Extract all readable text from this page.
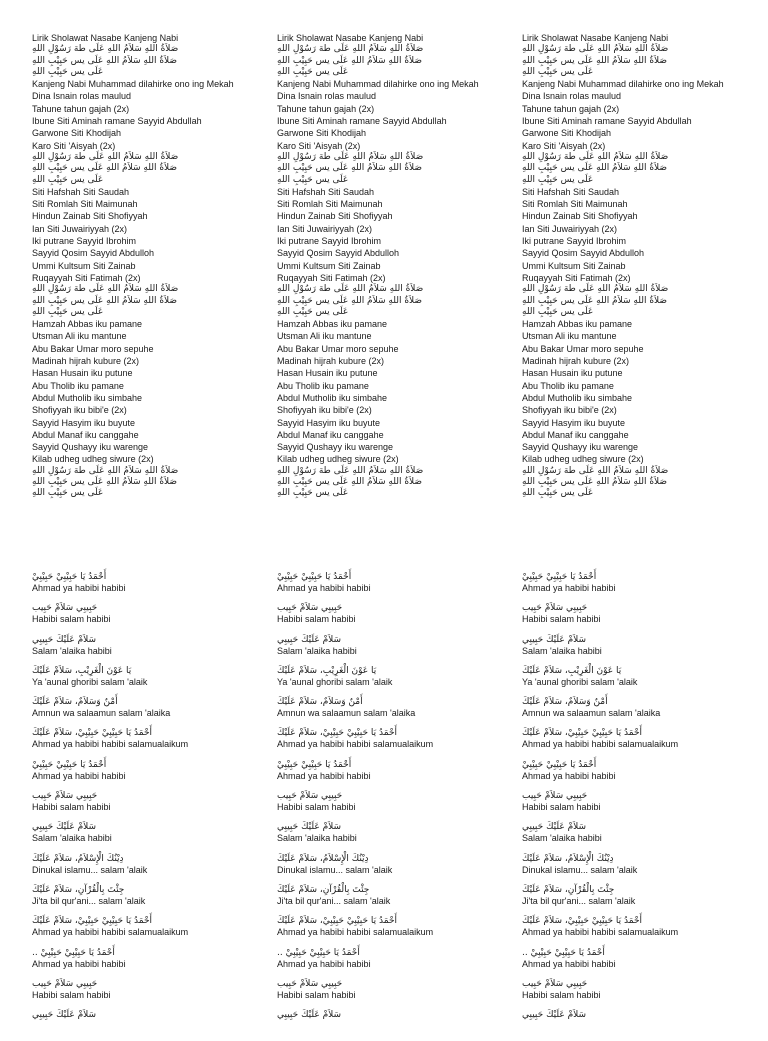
Lirik Sholawat Nasabe Kanjeng Nabi
صَلاَةُ اللهِ سَلاَمُ اللهِ عَلَى طهَ رَسُوْلِ اللهِ
صَلاَةُ اللهِ سَلاَمُ اللهِ عَلَى يس حَبِيْبِ اللهِ
عَلَى يس حَبِيْبِ اللهِ
Kanjeng Nabi Muhammad dilahirke ono ing Mekah
Dina Isnain rolas maulud
Tahune tahun gajah (2x)
Ibune Siti Aminah ramane Sayyid Abdullah
Garwone Siti Khodijah
Karo Siti 'Aisyah (2x)
صَلاَةُ اللهِ سَلاَمُ اللهِ عَلَى طهَ رَسُوْلِ اللهِ
صَلاَةُ اللهِ سَلاَمُ اللهِ عَلَى يس حَبِيْبِ اللهِ
عَلَى يس حَبِيْبِ اللهِ
Siti Hafshah Siti Saudah
Siti Romlah Siti Maimunah
Hindun Zainab Siti Shofiyyah
Ian Siti Juwairiyyah (2x)
Iki putrane Sayyid Ibrohim
Sayyid Qosim Sayyid Abdulloh
Ummi Kultsum Siti Zainab
Ruqayyah Siti Fatimah (2x)
صَلاَةُ اللهِ سَلاَمُ اللهِ عَلَى طهَ رَسُوْلِ اللهِ
صَلاَةُ اللهِ سَلاَمُ اللهِ عَلَى يس حَبِيْبِ اللهِ
عَلَى يس حَبِيْبِ اللهِ
Hamzah Abbas iku pamane
Utsman Ali iku mantune
Abu Bakar Umar moro sepuhe
Madinah hijrah kubure (2x)
Hasan Husain iku putune
Abu Tholib iku pamane
Abdul Mutholib iku simbahe
Shofiyyah iku bibi'e (2x)
Sayyid Hasyim iku buyute
Abdul Manaf iku canggahe
Sayyid Qushayy iku warenge
Kilab udheg udheg siwure (2x)
صَلاَةُ اللهِ سَلاَمُ اللهِ عَلَى طهَ رَسُوْلِ اللهِ
صَلاَةُ اللهِ سَلاَمُ اللهِ عَلَى يس حَبِيْبِ اللهِ
عَلَى يس حَبِيْبِ اللهِ
Lirik Sholawat Nasabe Kanjeng Nabi
صَلاَةُ اللهِ سَلاَمُ اللهِ عَلَى طهَ رَسُوْلِ اللهِ
صَلاَةُ اللهِ سَلاَمُ اللهِ عَلَى يس حَبِيْبِ اللهِ
عَلَى يس حَبِيْبِ اللهِ
Kanjeng Nabi Muhammad dilahirke ono ing Mekah
Dina Isnain rolas maulud
Tahune tahun gajah (2x)
Ibune Siti Aminah ramane Sayyid Abdullah
Garwone Siti Khodijah
Karo Siti 'Aisyah (2x)
صَلاَةُ اللهِ سَلاَمُ اللهِ عَلَى طهَ رَسُوْلِ اللهِ
صَلاَةُ اللهِ سَلاَمُ اللهِ عَلَى يس حَبِيْبِ اللهِ
عَلَى يس حَبِيْبِ اللهِ
Siti Hafshah Siti Saudah
Siti Romlah Siti Maimunah
Hindun Zainab Siti Shofiyyah
Ian Siti Juwairiyyah (2x)
Iki putrane Sayyid Ibrohim
Sayyid Qosim Sayyid Abdulloh
Ummi Kultsum Siti Zainab
Ruqayyah Siti Fatimah (2x)
صَلاَةُ اللهِ سَلاَمُ اللهِ عَلَى طهَ رَسُوْلِ اللهِ
صَلاَةُ اللهِ سَلاَمُ اللهِ عَلَى يس حَبِيْبِ اللهِ
عَلَى يس حَبِيْبِ اللهِ
Hamzah Abbas iku pamane
Utsman Ali iku mantune
Abu Bakar Umar moro sepuhe
Madinah hijrah kubure (2x)
Hasan Husain iku putune
Abu Tholib iku pamane
Abdul Mutholib iku simbahe
Shofiyyah iku bibi'e (2x)
Sayyid Hasyim iku buyute
Abdul Manaf iku canggahe
Sayyid Qushayy iku warenge
Kilab udheg udheg siwure (2x)
صَلاَةُ اللهِ سَلاَمُ اللهِ عَلَى طهَ رَسُوْلِ اللهِ
صَلاَةُ اللهِ سَلاَمُ اللهِ عَلَى يس حَبِيْبِ اللهِ
عَلَى يس حَبِيْبِ اللهِ
Lirik Sholawat Nasabe Kanjeng Nabi
صَلاَةُ اللهِ سَلاَمُ اللهِ عَلَى طهَ رَسُوْلِ اللهِ
صَلاَةُ اللهِ سَلاَمُ اللهِ عَلَى يس حَبِيْبِ اللهِ
عَلَى يس حَبِيْبِ اللهِ
Kanjeng Nabi Muhammad dilahirke ono ing Mekah
Dina Isnain rolas maulud
Tahune tahun gajah (2x)
Ibune Siti Aminah ramane Sayyid Abdullah
Garwone Siti Khodijah
Karo Siti 'Aisyah (2x)
صَلاَةُ اللهِ سَلاَمُ اللهِ عَلَى طهَ رَسُوْلِ اللهِ
صَلاَةُ اللهِ سَلاَمُ اللهِ عَلَى يس حَبِيْبِ اللهِ
عَلَى يس حَبِيْبِ اللهِ
Siti Hafshah Siti Saudah
Siti Romlah Siti Maimunah
Hindun Zainab Siti Shofiyyah
Ian Siti Juwairiyyah (2x)
Iki putrane Sayyid Ibrohim
Sayyid Qosim Sayyid Abdulloh
Ummi Kultsum Siti Zainab
Ruqayyah Siti Fatimah (2x)
صَلاَةُ اللهِ سَلاَمُ اللهِ عَلَى طهَ رَسُوْلِ اللهِ
صَلاَةُ اللهِ سَلاَمُ اللهِ عَلَى يس حَبِيْبِ اللهِ
عَلَى يس حَبِيْبِ اللهِ
Hamzah Abbas iku pamane
Utsman Ali iku mantune
Abu Bakar Umar moro sepuhe
Madinah hijrah kubure (2x)
Hasan Husain iku putune
Abu Tholib iku pamane
Abdul Mutholib iku simbahe
Shofiyyah iku bibi'e (2x)
Sayyid Hasyim iku buyute
Abdul Manaf iku canggahe
Sayyid Qushayy iku warenge
Kilab udheg udheg siwure (2x)
صَلاَةُ اللهِ سَلاَمُ اللهِ عَلَى طهَ رَسُوْلِ اللهِ
صَلاَةُ اللهِ سَلاَمُ اللهِ عَلَى يس حَبِيْبِ اللهِ
عَلَى يس حَبِيْبِ اللهِ
أَحْمَدُ يَا حَبِيْبِيْ حَبِيْبِيْ
Ahmad ya habibi habibi
حَبِيبِي سَلاَمْ حَبِيب
Habibi salam habibi
سَلاَمْ عَلَيْكَ حَبِيبِي
Salam 'alaika habibi
يَا عَوْنَ الْغَرِيْبِ، سَلاَمْ عَلَيْكَ
Ya 'aunal ghoribi salam 'alaik
أَمْنٌ وَسَلاَمٌ، سَلاَمْ عَلَيْكَ
Amnun wa salaamun salam 'alaika
أَحْمَدُ يَا حَبِيْبِيْ حَبِيْبِيْ، سَلاَمْ عَلَيْكَ
Ahmad ya habibi habibi salamualaikum
أَحْمَدُ يَا حَبِيْبِيْ حَبِيْبِيْ
Ahmad ya habibi habibi
حَبِيبِي سَلاَمْ حَبِيب
Habibi salam habibi
سَلاَمْ عَلَيْكَ حَبِيبِي
Salam 'alaika habibi
دِيْنُكَ الْإِسْلاَمُ، سَلاَمْ عَلَيْكَ
Dinukal islamu... salam 'alaik
جِئْتَ بِالْقُرْآنِ، سَلاَمْ عَلَيْكَ
Ji'ta bil qur'ani... salam 'alaik
أَحْمَدُ يَا حَبِيْبِيْ حَبِيْبِيْ، سَلاَمْ عَلَيْكَ
Ahmad ya habibi habibi salamualaikum
.. أَحْمَدُ يَا حَبِيْبِيْ حَبِيْبِيْ
Ahmad ya habibi habibi
حَبِيبِي سَلاَمْ حَبِيب
Habibi salam habibi
سَلاَمْ عَلَيْكَ حَبِيبِي
أَحْمَدُ يَا حَبِيْبِيْ حَبِيْبِيْ
Ahmad ya habibi habibi
حَبِيبِي سَلاَمْ حَبِيب
Habibi salam habibi
سَلاَمْ عَلَيْكَ حَبِيبِي
Salam 'alaika habibi
يَا عَوْنَ الْغَرِيْبِ، سَلاَمْ عَلَيْكَ
Ya 'aunal ghoribi salam 'alaik
أَمْنٌ وَسَلاَمٌ، سَلاَمْ عَلَيْكَ
Amnun wa salaamun salam 'alaika
أَحْمَدُ يَا حَبِيْبِيْ حَبِيْبِيْ، سَلاَمْ عَلَيْكَ
Ahmad ya habibi habibi salamualaikum
أَحْمَدُ يَا حَبِيْبِيْ حَبِيْبِيْ
Ahmad ya habibi habibi
حَبِيبِي سَلاَمْ حَبِيب
Habibi salam habibi
سَلاَمْ عَلَيْكَ حَبِيبِي
Salam 'alaika habibi
دِيْنُكَ الْإِسْلاَمُ، سَلاَمْ عَلَيْكَ
Dinukal islamu... salam 'alaik
جِئْتَ بِالْقُرْآنِ، سَلاَمْ عَلَيْكَ
Ji'ta bil qur'ani... salam 'alaik
أَحْمَدُ يَا حَبِيْبِيْ حَبِيْبِيْ، سَلاَمْ عَلَيْكَ
Ahmad ya habibi habibi salamualaikum
.. أَحْمَدُ يَا حَبِيْبِيْ حَبِيْبِيْ
Ahmad ya habibi habibi
حَبِيبِي سَلاَمْ حَبِيب
Habibi salam habibi
سَلاَمْ عَلَيْكَ حَبِيبِي
أَحْمَدُ يَا حَبِيْبِيْ حَبِيْبِيْ
Ahmad ya habibi habibi
حَبِيبِي سَلاَمْ حَبِيب
Habibi salam habibi
سَلاَمْ عَلَيْكَ حَبِيبِي
Salam 'alaika habibi
يَا عَوْنَ الْغَرِيْبِ، سَلاَمْ عَلَيْكَ
Ya 'aunal ghoribi salam 'alaik
أَمْنٌ وَسَلاَمٌ، سَلاَمْ عَلَيْكَ
Amnun wa salaamun salam 'alaika
أَحْمَدُ يَا حَبِيْبِيْ حَبِيْبِيْ، سَلاَمْ عَلَيْكَ
Ahmad ya habibi habibi salamualaikum
أَحْمَدُ يَا حَبِيْبِيْ حَبِيْبِيْ
Ahmad ya habibi habibi
حَبِيبِي سَلاَمْ حَبِيب
Habibi salam habibi
سَلاَمْ عَلَيْكَ حَبِيبِي
Salam 'alaika habibi
دِيْنُكَ الْإِسْلاَمُ، سَلاَمْ عَلَيْكَ
Dinukal islamu... salam 'alaik
جِئْتَ بِالْقُرْآنِ، سَلاَمْ عَلَيْكَ
Ji'ta bil qur'ani... salam 'alaik
أَحْمَدُ يَا حَبِيْبِيْ حَبِيْبِيْ، سَلاَمْ عَلَيْكَ
Ahmad ya habibi habibi salamualaikum
.. أَحْمَدُ يَا حَبِيْبِيْ حَبِيْبِيْ
Ahmad ya habibi habibi
حَبِيبِي سَلاَمْ حَبِيب
Habibi salam habibi
سَلاَمْ عَلَيْكَ حَبِيبِي
